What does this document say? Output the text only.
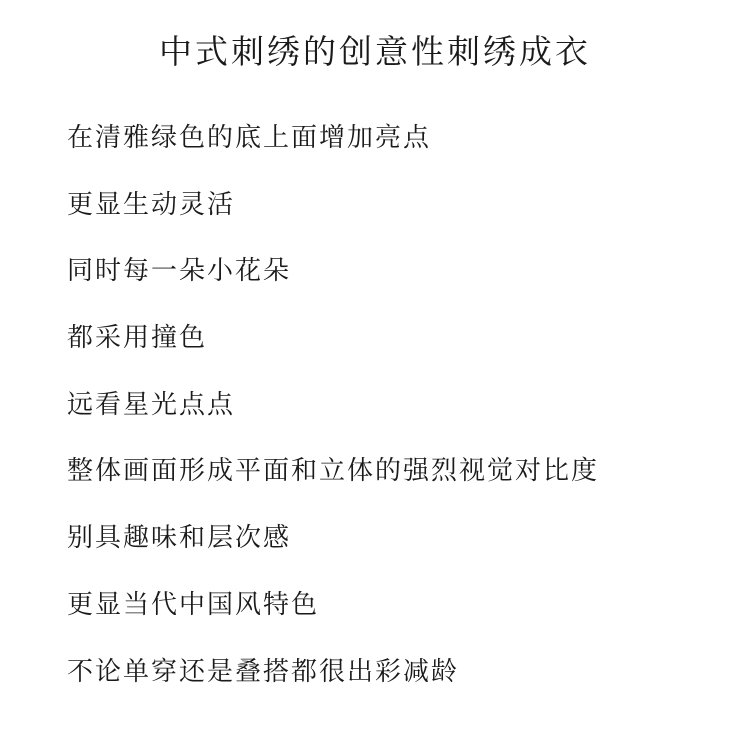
中式刺绣的创意性刺绣成衣
在清雅绿色的底上面增加亮点
更显生动灵活
同时每一朵小花朵
都采用撞色
远看星光点点
整体画面形成平面和立体的强烈视觉对比度
别具趣味和层次感
更显当代中国风特色
不论单穿还是叠搭都很出彩减龄
